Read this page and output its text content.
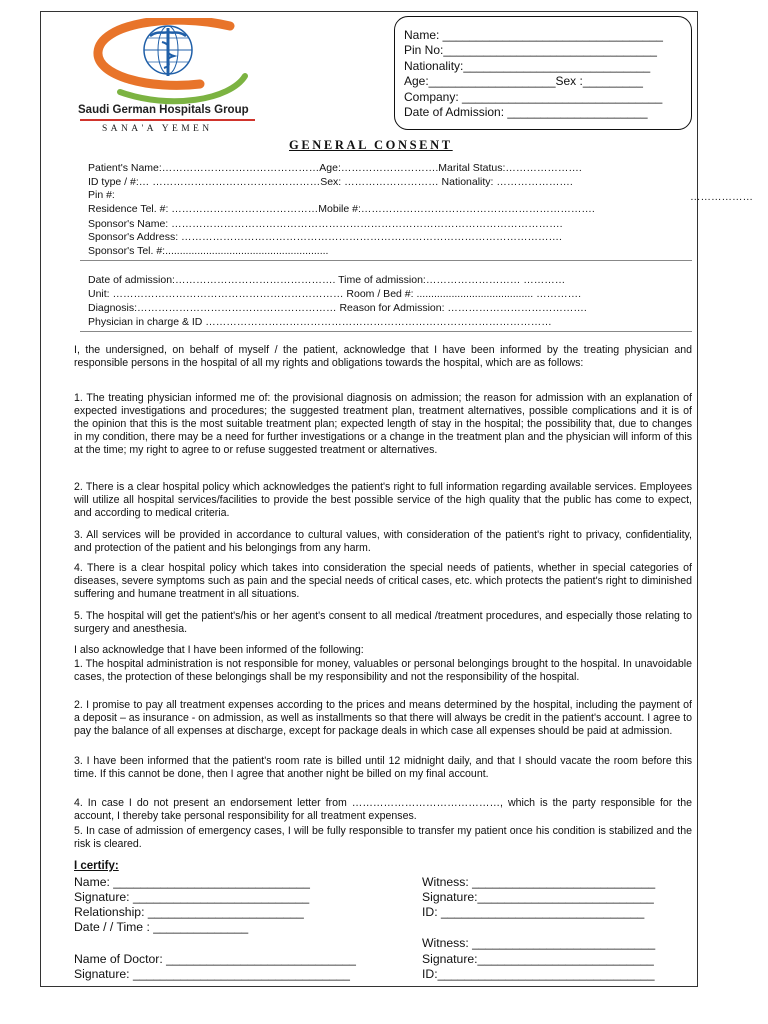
Saudi German Hospitals Group
SANA'A YEMEN
Name: _________________________________
Pin No:________________________________
Nationality:____________________________
Age:___________________Sex :_________
Company: ______________________________
Date of Admission: _____________________
GENERAL CONSENT
Patient's Name:………………………………………Age:……………………….Marital Status:………………….
ID type / #:… …………………………………………Sex: ……………………… Nationality: ………………….
Pin #:	………………
Residence Tel. #: ……………………………………Mobile #:………………………………………………………….
Sponsor's Name: ………………………………………………………………………………………………….
Sponsor's Address: ……………………………………………………………………………………………….
Sponsor's Tel. #:........................................................
Date of admission:………………………………………. Time of admission:……………………… …………
Unit: ………………………………………………………… Room / Bed #: ........................................ ………….
Diagnosis:………………………………………………… Reason for Admission: ………………………………….
Physician in charge & ID ………………………………………………………………………………………

I, the undersigned, on behalf of myself / the patient, acknowledge that I have been informed by the treating physician and responsible persons in the hospital of all my rights and obligations towards the hospital, which are as follows:

1. The treating physician informed me of: the provisional diagnosis on admission; the reason for admission with an explanation of expected investigations and procedures; the suggested treatment plan, treatment alternatives, possible complications and it is of the opinion that this is the most suitable treatment plan; expected length of stay in the hospital; the possibility that, due to changes in my condition, there may be a need for further investigations or a change in the treatment plan and the physician will inform of this at the time; my right to agree to or refuse suggested treatment or alternatives.

2. There is a clear hospital policy which acknowledges the patient's right to full information regarding available services. Employees will utilize all hospital services/facilities to provide the best possible service of the high quality that the public has come to expect, and according to medical criteria.

3. All services will be provided in accordance to cultural values, with consideration of the patient's right to privacy, confidentiality, and protection of the patient and his belongings from any harm.

4. There is a clear hospital policy which takes into consideration the special needs of patients, whether in special categories of diseases, severe symptoms such as pain and the special needs of critical cases, etc. which protects the patient's right to diminished suffering and humane treatment in all situations.

5. The hospital will get the patient's/his or her agent's consent to all medical /treatment procedures, and especially those relating to surgery and anesthesia.

I also acknowledge that I have been informed of the following:

1. The hospital administration is not responsible for money, valuables or personal belongings brought to the hospital. In unavoidable cases, the protection of these belongings shall be my responsibility and not the responsibility of the hospital.

2. I promise to pay all treatment expenses according to the prices and means determined by the hospital, including the payment of a deposit – as insurance - on admission, as well as installments so that there will always be credit in the patient's account. I agree to pay the balance of all expenses at discharge, except for package deals in which case all expenses should be paid at admission.

3. I have been informed that the patient's room rate is billed until 12 midnight daily, and that I should vacate the room before this time. If this cannot be done, then I agree that another night be billed on my final account.

4. In case I do not present an endorsement letter from ……………………………………, which is the party responsible for the account, I thereby take personal responsibility for all treatment expenses.

5. In case of admission of emergency cases, I will be fully responsible to transfer my patient once his condition is stabilized and the risk is cleared.

I certify:
Name: _____________________________
Signature: __________________________
Relationship: _______________________
Date / / Time : ______________
Name of Doctor: ____________________________
Signature: ________________________________
Witness: ___________________________
Signature:__________________________
ID: ______________________________
Witness: ___________________________
Signature:__________________________
ID:________________________________
